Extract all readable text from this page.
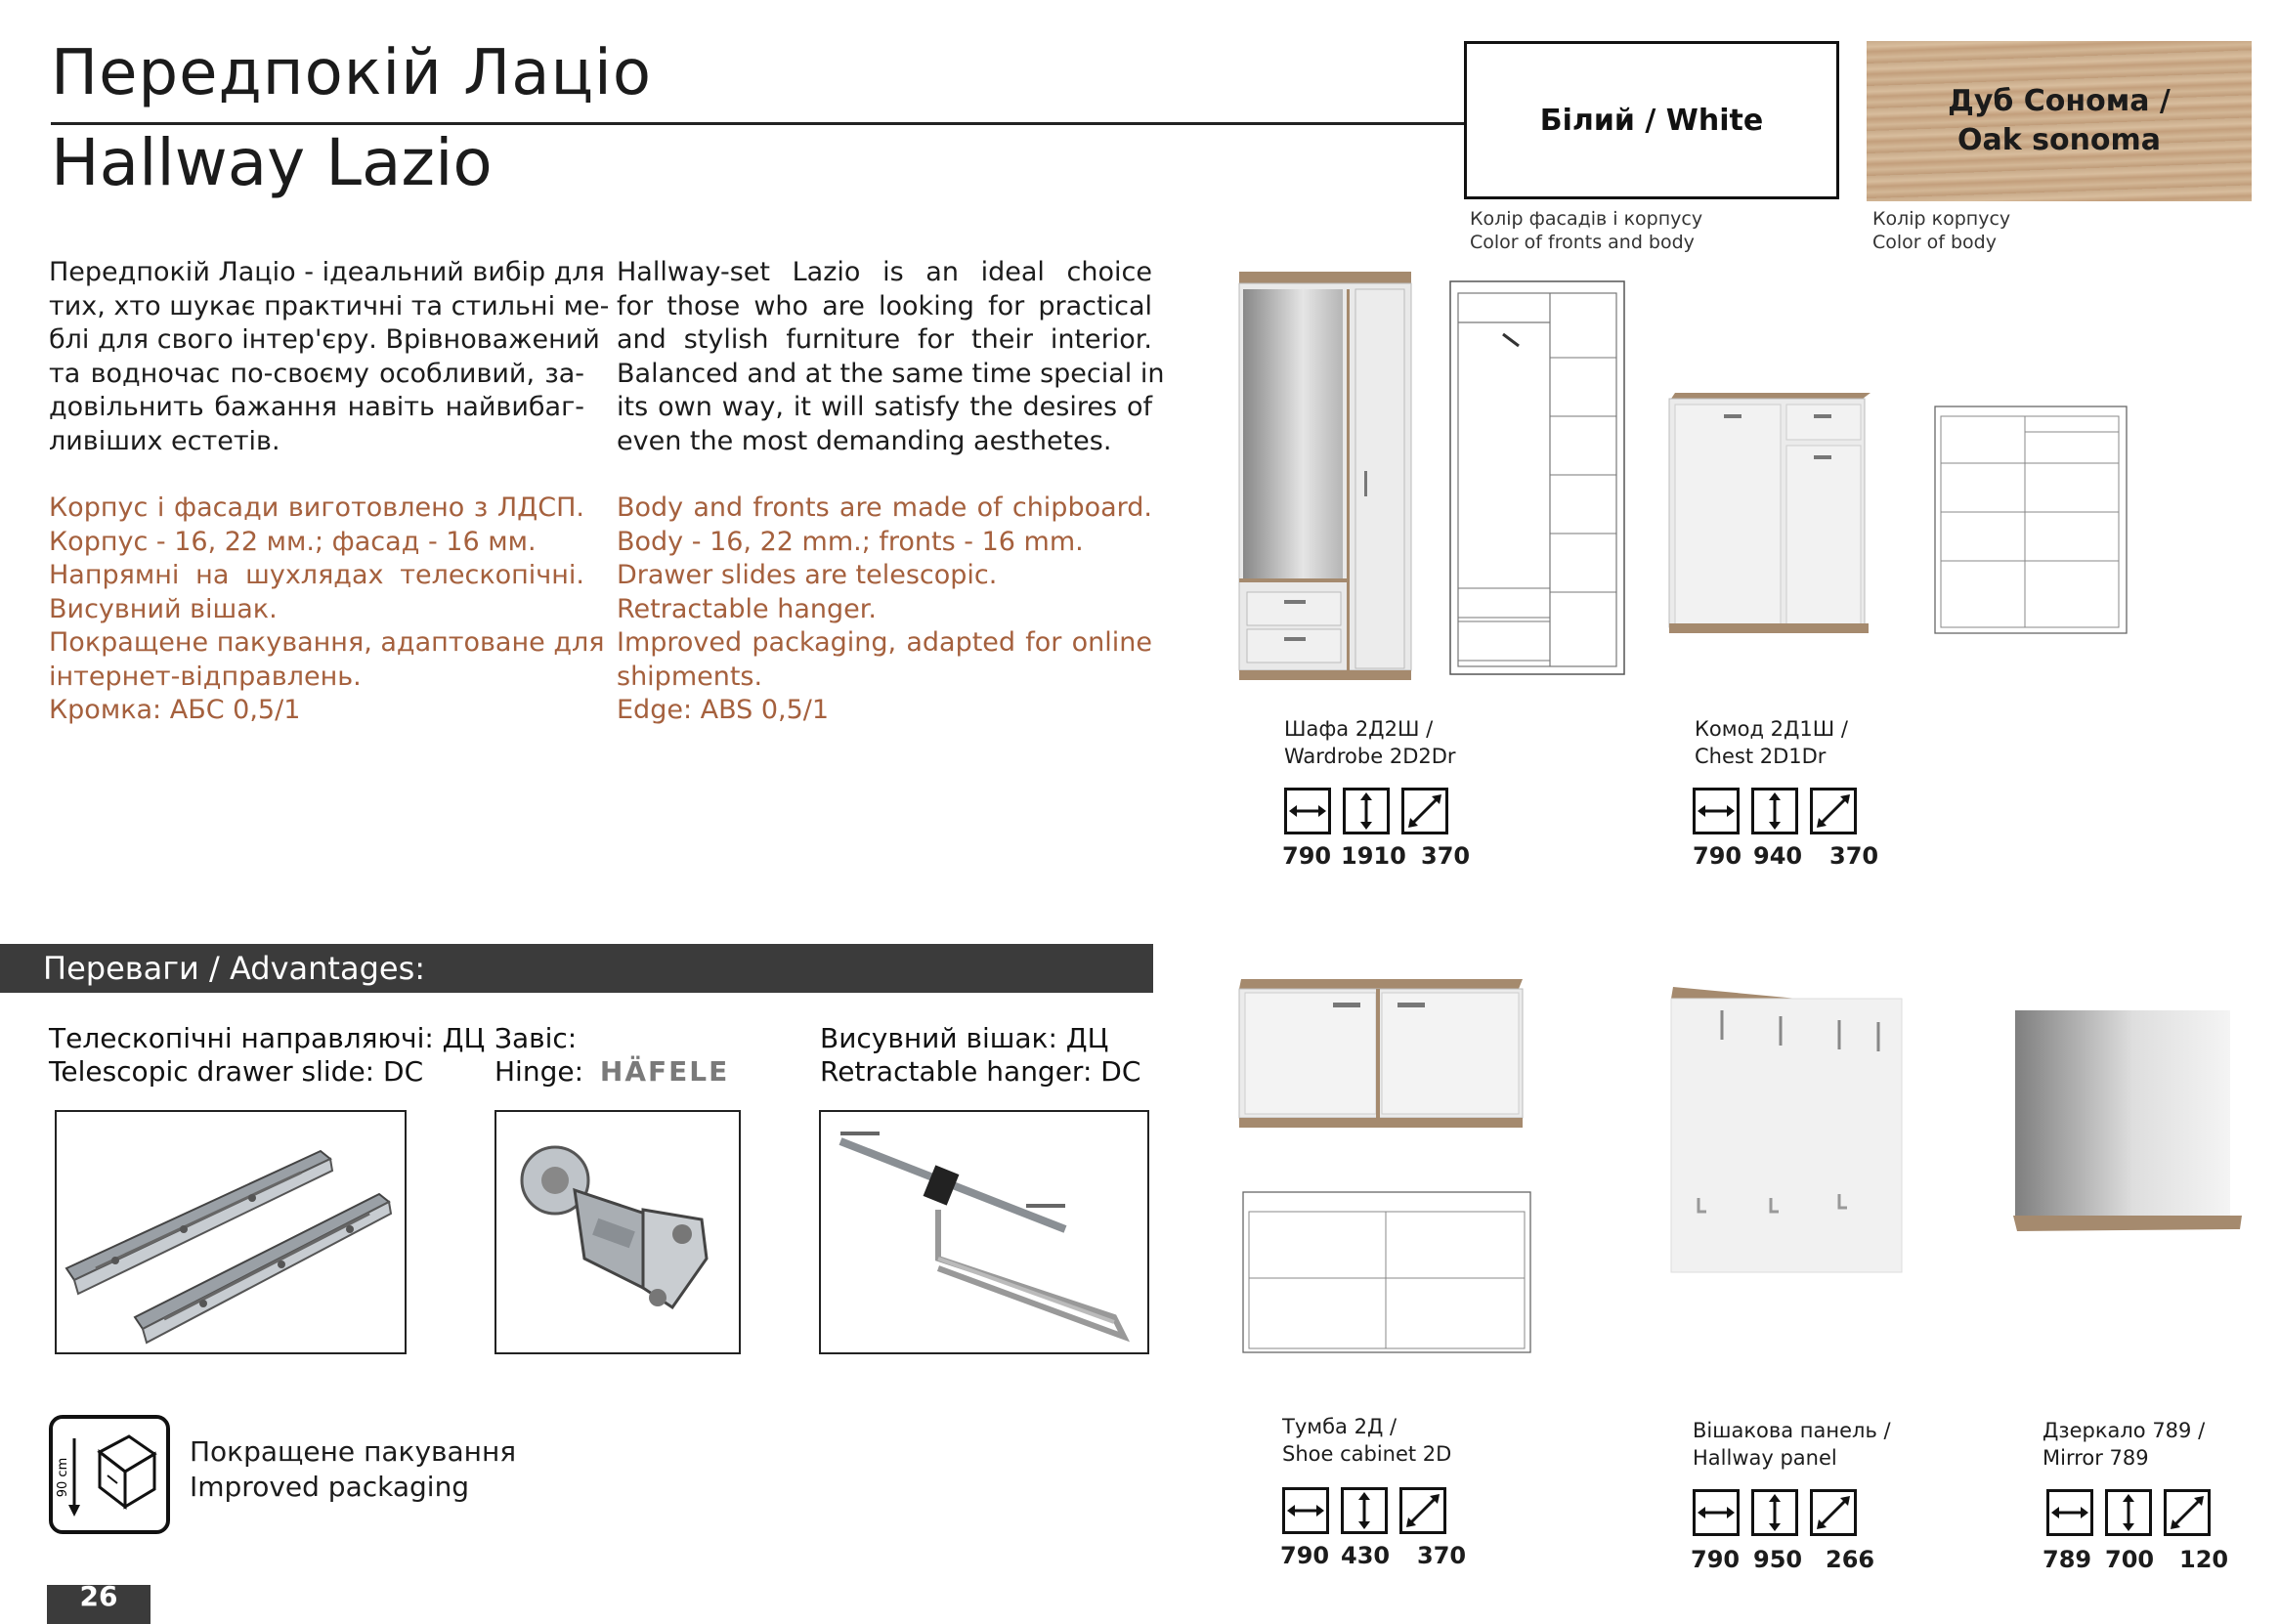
Передпокій Лаціо
Hallway Lazio
Білий / White
Колір фасадів і корпусу
Color of fronts and body
Дуб Сонома /
Oak sonoma
Колір корпусу
Color of body
Передпокій Лаціо - ідеальний вибір для
тих, хто шукає практичні та стильні ме-
блі для свого інтер'єру. Врівноважений
та водночас по-своєму особливий, за-
довільнить бажання навіть найвибаг-
ливіших естетів.
Hallway-set Lazio is an ideal choice
for those who are looking for practical
and stylish furniture for their interior.
Balanced and at the same time special in
its own way, it will satisfy the desires of
even the most demanding aesthetes.
Корпус і фасади виготовлено з ЛДСП.
Корпус - 16, 22 мм.; фасад - 16 мм.
Напрямні на шухлядах телескопічні.
Висувний вішак.
Покращене пакування, адаптоване для
інтернет-відправлень.
Кромка: АБС 0,5/1
Body and fronts are made of chipboard.
Body - 16, 22 mm.; fronts - 16 mm.
Drawer slides are telescopic.
Retractable hanger.
Improved packaging, adapted for online
shipments.
Edge: ABS 0,5/1
Переваги / Advantages:
Телескопічні направляючі: ДЦ
Telescopic drawer slide: DC
Завіс:
Hinge: HÄFELE
Висувний вішак: ДЦ
Retractable hanger: DC
90 cm
Покращене пакування
Improved packaging
26
Шафа 2Д2Ш /
Wardrobe 2D2Dr
790 1910 370
Комод 2Д1Ш /
Chest 2D1Dr
790 940 370
Тумба 2Д /
Shoe cabinet 2D
790 430 370
Вішакова панель /
Hallway panel
790 950 266
Дзеркало 789 /
Mirror 789
789 700 120
